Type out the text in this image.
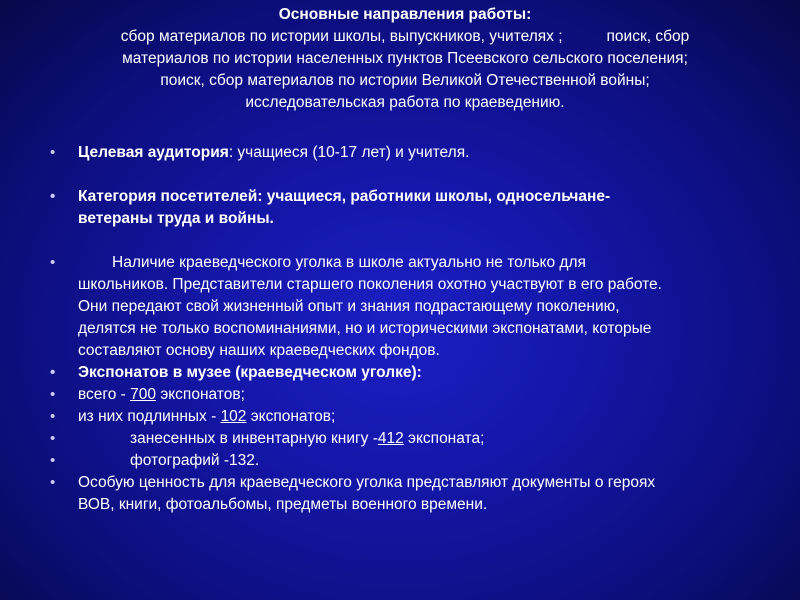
Основные направления работы:
сбор материалов по истории школы, выпускников, учителях ;	поиск, сбор
материалов по истории населенных пунктов Псеевского сельского поселения;
поиск, сбор материалов по истории Великой Отечественной войны;
исследовательская работа по краеведению.
• Целевая аудитория: учащиеся (10-17 лет) и учителя.
• Категория посетителей: учащиеся, работники школы, односельчане-
ветераны труда и войны.
• Наличие краеведческого уголка в школе актуально не только для
школьников. Представители старшего поколения охотно участвуют в его работе.
Они передают свой жизненный опыт и знания подрастающему поколению,
делятся не только воспоминаниями, но и историческими экспонатами, которые
составляют основу наших краеведческих фондов.
• Экспонатов в музее (краеведческом уголке):
• всего - 700 экспонатов;
• из них подлинных - 102 экспонатов;
• занесенных в инвентарную книгу -412 экспоната;
• фотографий -132.
• Особую ценность для краеведческого уголка представляют документы о героях
ВОВ, книги, фотоальбомы, предметы военного времени.
